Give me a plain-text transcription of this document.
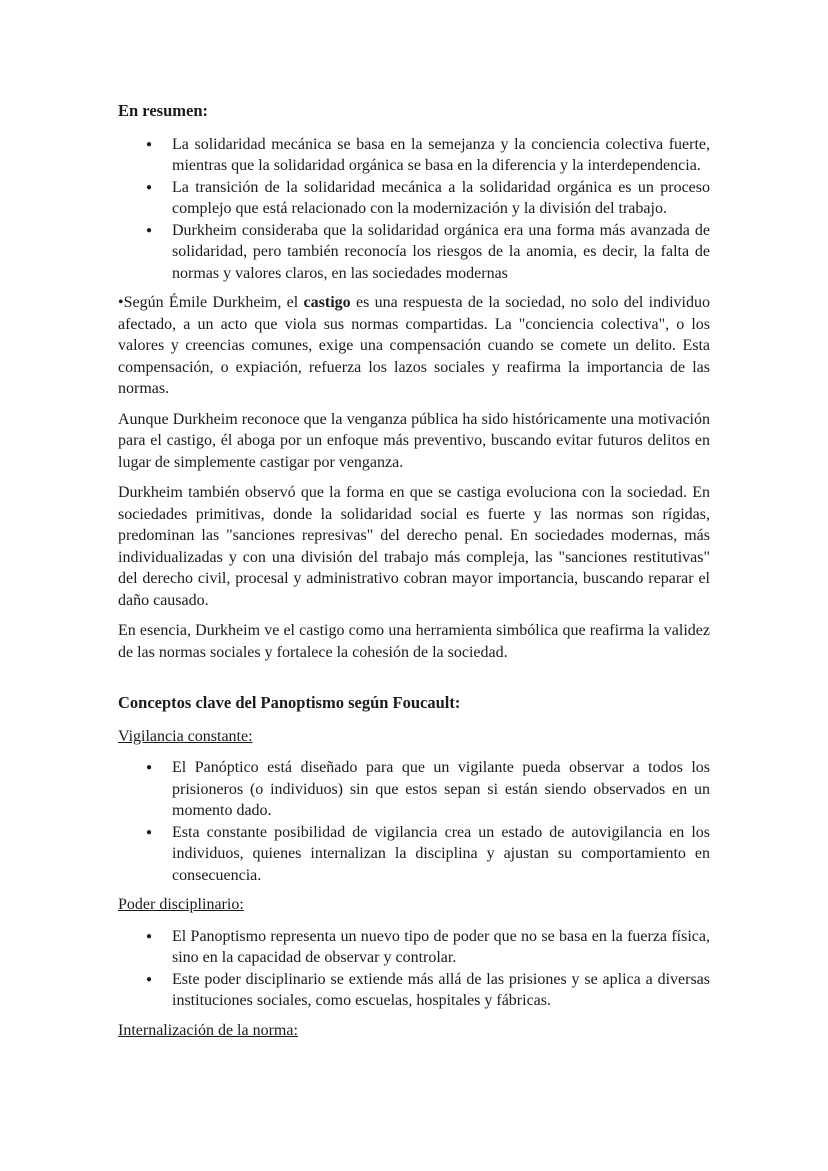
En resumen:
● La solidaridad mecánica se basa en la semejanza y la conciencia colectiva fuerte, mientras que la solidaridad orgánica se basa en la diferencia y la interdependencia.
● La transición de la solidaridad mecánica a la solidaridad orgánica es un proceso complejo que está relacionado con la modernización y la división del trabajo.
● Durkheim consideraba que la solidaridad orgánica era una forma más avanzada de solidaridad, pero también reconocía los riesgos de la anomia, es decir, la falta de normas y valores claros, en las sociedades modernas

•Según Émile Durkheim, el castigo es una respuesta de la sociedad, no solo del individuo afectado, a un acto que viola sus normas compartidas. La "conciencia colectiva", o los valores y creencias comunes, exige una compensación cuando se comete un delito. Esta compensación, o expiación, refuerza los lazos sociales y reafirma la importancia de las normas.

Aunque Durkheim reconoce que la venganza pública ha sido históricamente una motivación para el castigo, él aboga por un enfoque más preventivo, buscando evitar futuros delitos en lugar de simplemente castigar por venganza.

Durkheim también observó que la forma en que se castiga evoluciona con la sociedad. En sociedades primitivas, donde la solidaridad social es fuerte y las normas son rígidas, predominan las "sanciones represivas" del derecho penal. En sociedades modernas, más individualizadas y con una división del trabajo más compleja, las "sanciones restitutivas" del derecho civil, procesal y administrativo cobran mayor importancia, buscando reparar el daño causado.

En esencia, Durkheim ve el castigo como una herramienta simbólica que reafirma la validez de las normas sociales y fortalece la cohesión de la sociedad.

Conceptos clave del Panoptismo según Foucault:

Vigilancia constante:

● El Panóptico está diseñado para que un vigilante pueda observar a todos los prisioneros (o individuos) sin que estos sepan si están siendo observados en un momento dado.
● Esta constante posibilidad de vigilancia crea un estado de autovigilancia en los individuos, quienes internalizan la disciplina y ajustan su comportamiento en consecuencia.

Poder disciplinario:

● El Panoptismo representa un nuevo tipo de poder que no se basa en la fuerza física, sino en la capacidad de observar y controlar.
● Este poder disciplinario se extiende más allá de las prisiones y se aplica a diversas instituciones sociales, como escuelas, hospitales y fábricas.

Internalización de la norma:
